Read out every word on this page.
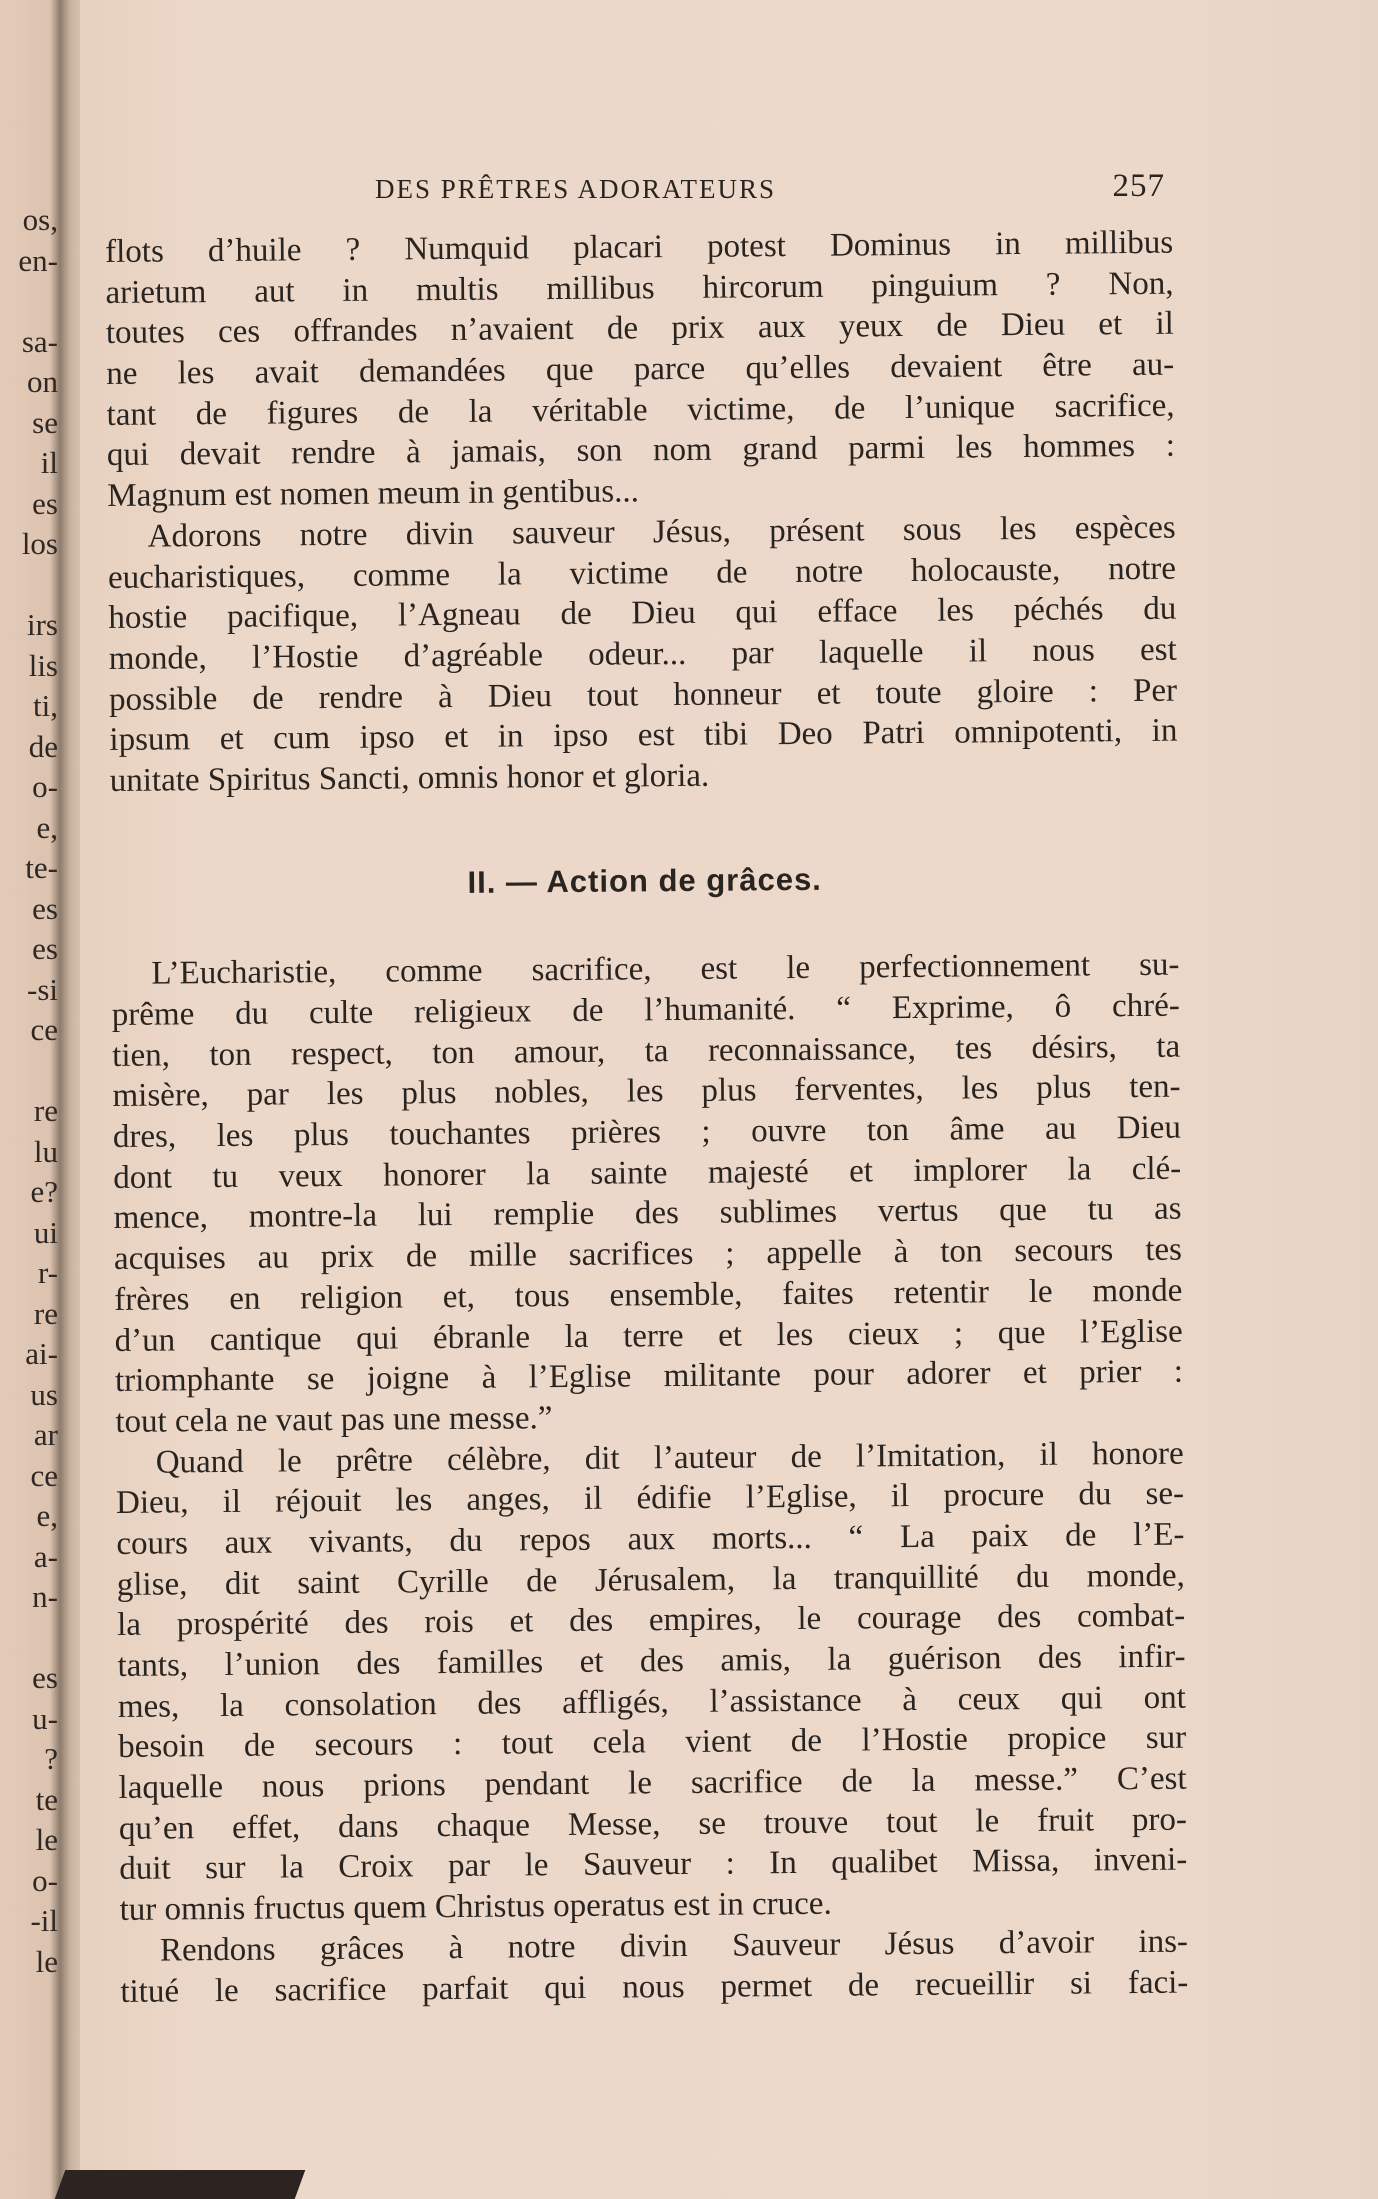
os,
en-
sa-
on
se
il
es
los
irs
lis
ti,
de
o-
e,
te-
es
es
-si
ce
re
lu
e?
ui
r-
re
ai-
us
ar
ce
e,
a-
n-
es
u-
?
te
le
o-
-il
le
DES PRÊTRES ADORATEURS	257
flots d’huile ? Numquid placari potest Dominus in millibus
arietum aut in multis millibus hircorum pinguium ? Non,
toutes ces offrandes n’avaient de prix aux yeux de Dieu et il
ne les avait demandées que parce qu’elles devaient être au-
tant de figures de la véritable victime, de l’unique sacrifice,
qui devait rendre à jamais, son nom grand parmi les hommes :
Magnum est nomen meum in gentibus...
Adorons notre divin sauveur Jésus, présent sous les espèces
eucharistiques, comme la victime de notre holocauste, notre
hostie pacifique, l’Agneau de Dieu qui efface les péchés du
monde, l’Hostie d’agréable odeur... par laquelle il nous est
possible de rendre à Dieu tout honneur et toute gloire : Per
ipsum et cum ipso et in ipso est tibi Deo Patri omnipotenti, in
unitate Spiritus Sancti, omnis honor et gloria.
II. — Action de grâces.
L’Eucharistie, comme sacrifice, est le perfectionnement su-
prême du culte religieux de l’humanité. “ Exprime, ô chré-
tien, ton respect, ton amour, ta reconnaissance, tes désirs, ta
misère, par les plus nobles, les plus ferventes, les plus ten-
dres, les plus touchantes prières ; ouvre ton âme au Dieu
dont tu veux honorer la sainte majesté et implorer la clé-
mence, montre-la lui remplie des sublimes vertus que tu as
acquises au prix de mille sacrifices ; appelle à ton secours tes
frères en religion et, tous ensemble, faites retentir le monde
d’un cantique qui ébranle la terre et les cieux ; que l’Eglise
triomphante se joigne à l’Eglise militante pour adorer et prier :
tout cela ne vaut pas une messe.”
Quand le prêtre célèbre, dit l’auteur de l’Imitation, il honore
Dieu, il réjouit les anges, il édifie l’Eglise, il procure du se-
cours aux vivants, du repos aux morts... “ La paix de l’E-
glise, dit saint Cyrille de Jérusalem, la tranquillité du monde,
la prospérité des rois et des empires, le courage des combat-
tants, l’union des familles et des amis, la guérison des infir-
mes, la consolation des affligés, l’assistance à ceux qui ont
besoin de secours : tout cela vient de l’Hostie propice sur
laquelle nous prions pendant le sacrifice de la messe.” C’est
qu’en effet, dans chaque Messe, se trouve tout le fruit pro-
duit sur la Croix par le Sauveur : In qualibet Missa, inveni-
tur omnis fructus quem Christus operatus est in cruce.
Rendons grâces à notre divin Sauveur Jésus d’avoir ins-
titué le sacrifice parfait qui nous permet de recueillir si faci-
